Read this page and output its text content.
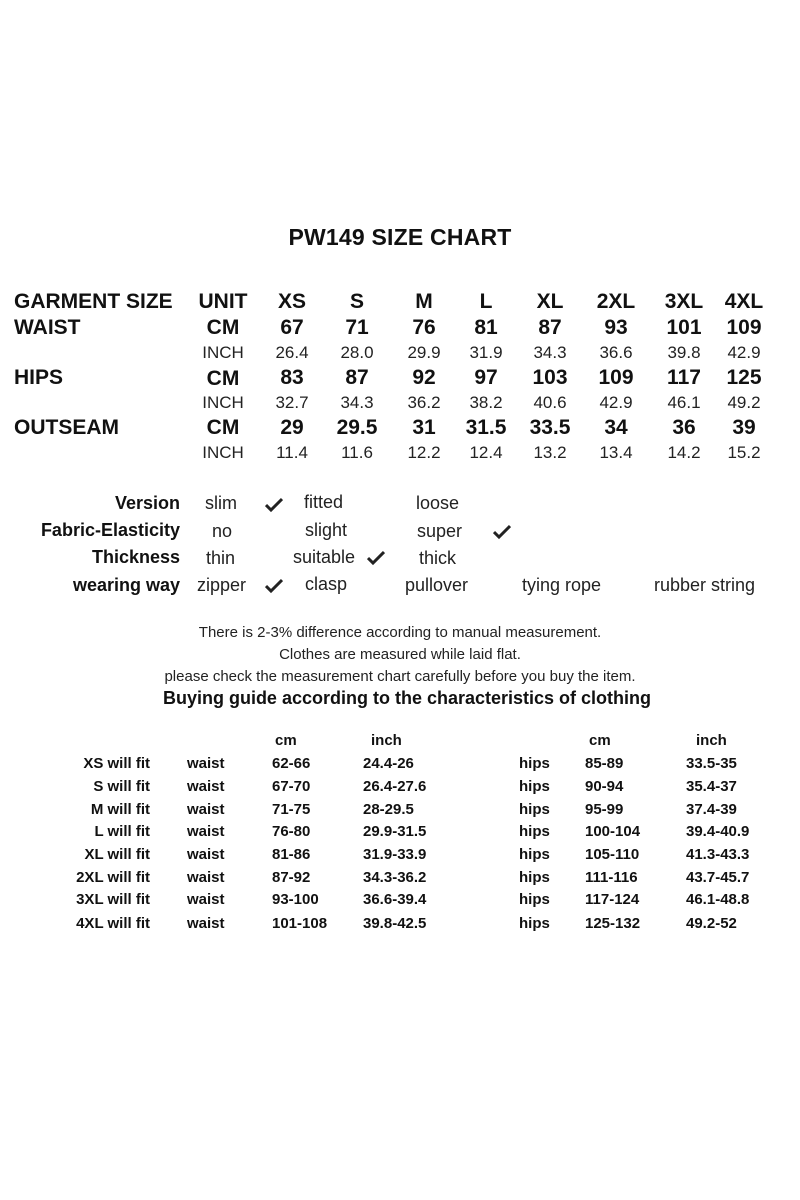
PW149 SIZE CHART
GARMENT SIZE	UNIT	XS	S	M	L	XL	2XL	3XL	4XL
WAIST	CM	67	71	76	81	87	93	101	109
INCH	26.4	28.0	29.9	31.9	34.3	36.6	39.8	42.9
HIPS	CM	83	87	92	97	103	109	117	125
INCH	32.7	34.3	36.2	38.2	40.6	42.9	46.1	49.2
OUTSEAM	CM	29	29.5	31	31.5	33.5	34	36	39
INCH	11.4	11.6	12.2	12.4	13.2	13.4	14.2	15.2
Version slim	fitted	loose
Fabric-Elasticity no	slight	super
Thickness thin	suitable	thick
wearing way zipper	clasp	pullover	tying rope	rubber string
There is 2-3% difference according to manual measurement.
Clothes are measured while laid flat.
please check the measurement chart carefully before you buy the item.
Buying guide according to the characteristics of clothing
cm	inch	cm	inch
XS will fit waist	62-66	24.4-26	hips 85-89	33.5-35
S will fit waist	67-70	26.4-27.6	hips 90-94	35.4-37
M will fit waist	71-75	28-29.5	hips 95-99	37.4-39
L will fit waist	76-80	29.9-31.5	hips 100-104	39.4-40.9
XL will fit waist	81-86	31.9-33.9	hips 105-110	41.3-43.3
2XL will fit waist	87-92	34.3-36.2	hips 111-116	43.7-45.7
3XL will fit waist	93-100	36.6-39.4	hips 117-124	46.1-48.8
4XL will fit waist	101-108 39.8-42.5	hips 125-132	49.2-52
